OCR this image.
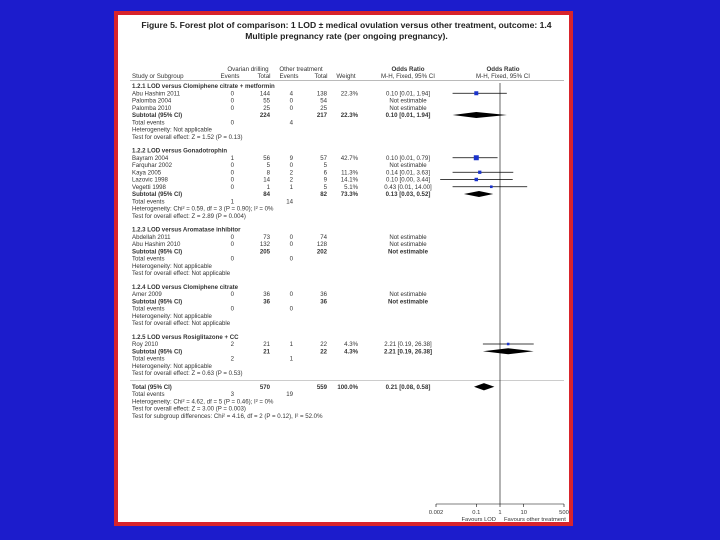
Figure 5. Forest plot of comparison: 1 LOD ± medical ovulation versus other treatment, outcome: 1.4
Multiple pregnancy rate (per ongoing pregnancy).
Ovarian drilling Other treatment	Odds Ratio	Odds Ratio
Study or Subgroup	Events	Total Events	Total Weight	M-H, Fixed, 95% CI	M-H, Fixed, 95% CI
1.2.1 LOD versus Clomiphene citrate + metformin
Abu Hashim 2011	0	144	4	138 22.3%	0.10 [0.01, 1.94]
Palomba 2004	0	55	0	54	Not estimable
Palomba 2010	0	25	0	25	Not estimable
Subtotal (95% CI)	224	217 22.3%	0.10 [0.01, 1.94]
Total events	0	4
Heterogeneity: Not applicable
Test for overall effect: Z = 1.52 (P = 0.13)
1.2.2 LOD versus Gonadotrophin
Bayram 2004	1	56	9	57 42.7%	0.10 [0.01, 0.79]
Farquhar 2002	0	5	0	5	Not estimable
Kaya 2005	0	8	2	6 11.3%	0.14 [0.01, 3.63]
Lazovic 1998	0	14	2	9 14.1%	0.10 [0.00, 3.44]
Vegetti 1998	0	1	1	5	5.1%	0.43 [0.01, 14.00]
Subtotal (95% CI)	84	82 73.3%	0.13 [0.03, 0.52]
Total events	1	14
Heterogeneity: Chi² = 0.59, df = 3 (P = 0.90); I² = 0%
Test for overall effect: Z = 2.89 (P = 0.004)
1.2.3 LOD versus Aromatase inhibitor
Abdellah 2011	0	73	0	74	Not estimable
Abu Hashim 2010	0	132	0	128	Not estimable
Subtotal (95% CI)	205	202	Not estimable
Total events	0	0
Heterogeneity: Not applicable
Test for overall effect: Not applicable
1.2.4 LOD versus Clomiphene citrate
Amer 2009	0	36	0	36	Not estimable
Subtotal (95% CI)	36	36	Not estimable
Total events	0	0
Heterogeneity: Not applicable
Test for overall effect: Not applicable
1.2.5 LOD versus Rosiglitazone + CC
Roy 2010	2	21	1	22	4.3%	2.21 [0.19, 26.38]
Subtotal (95% CI)	21	22	4.3%	2.21 [0.19, 26.38]
Total events	2	1
Heterogeneity: Not applicable
Test for overall effect: Z = 0.63 (P = 0.53)
Total (95% CI)	570	559 100.0%	0.21 [0.08, 0.58]
Total events	3	19
Heterogeneity: Chi² = 4.62, df = 5 (P = 0.46); I² = 0%
Test for overall effect: Z = 3.00 (P = 0.003)
Test for subgroup differences: Chi² = 4.16, df = 2 (P = 0.12), I² = 52.0%
0.002	0.1	1	10	500
Favours LOD Favours other treatment
